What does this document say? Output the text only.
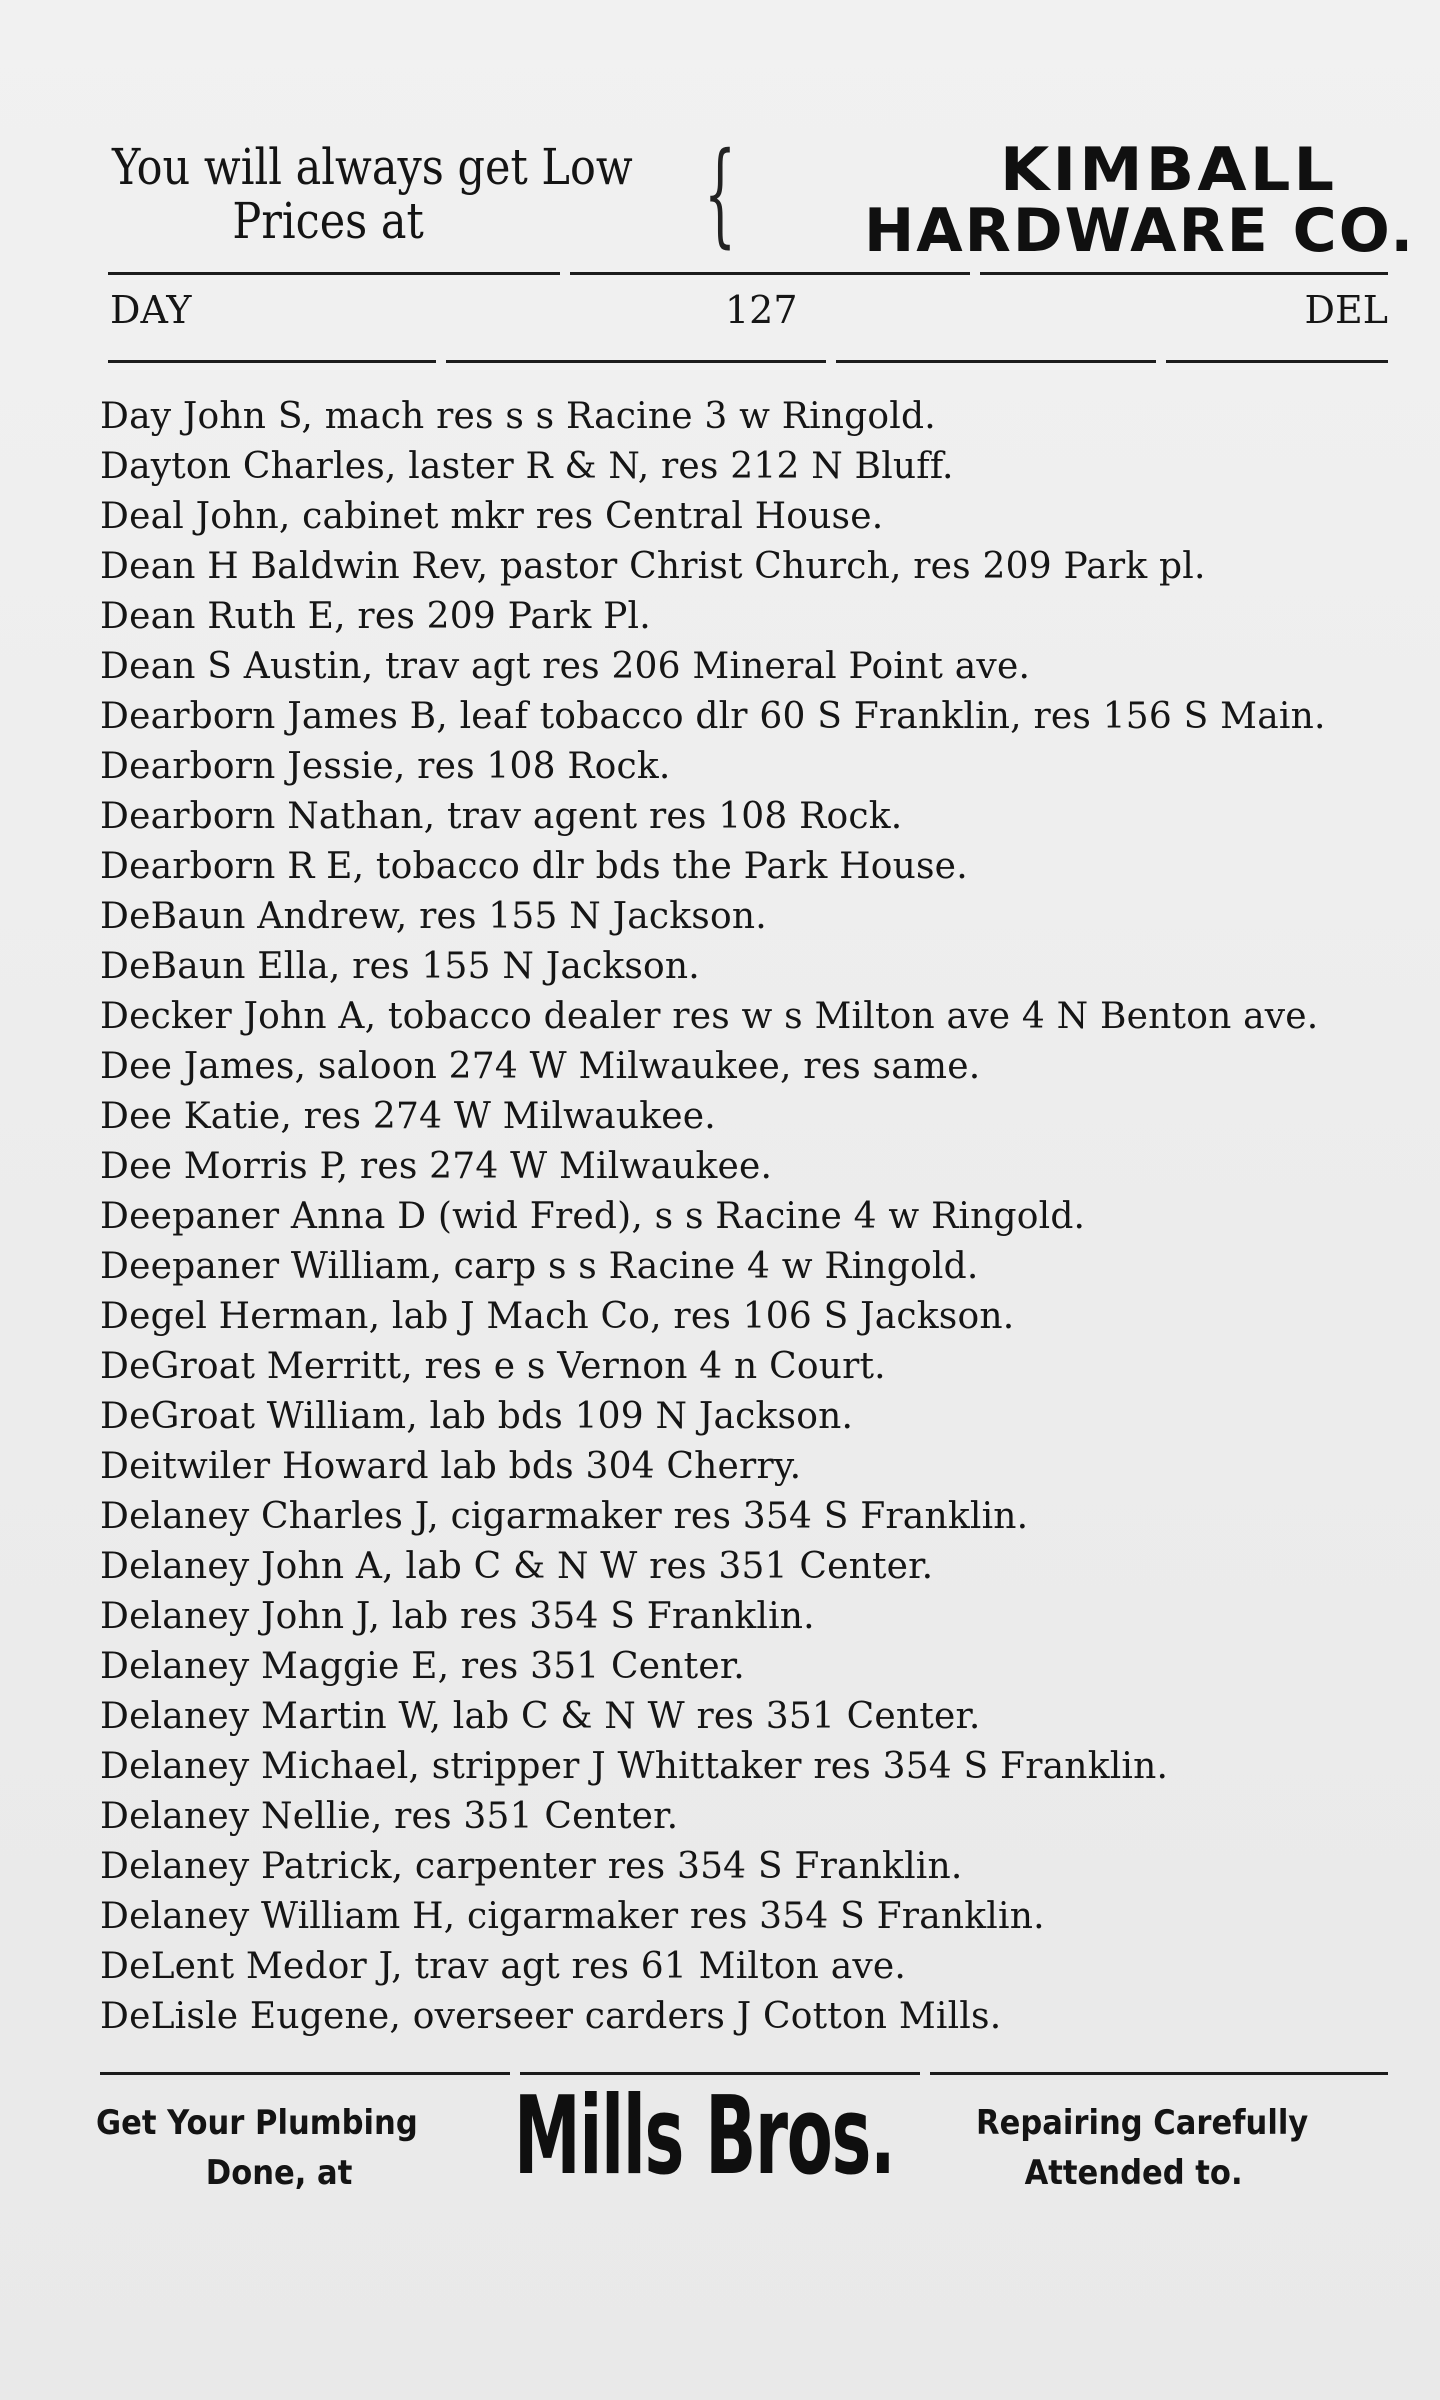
You will always get Low
Prices at	{	KIMBALL
HARDWARE CO.
DAY	127	DEL
Day John S, mach res s s Racine 3 w Ringold.
Dayton Charles, laster R & N, res 212 N Bluff.
Deal John, cabinet mkr res Central House.
Dean H Baldwin Rev, pastor Christ Church, res 209 Park pl.
Dean Ruth E, res 209 Park Pl.
Dean S Austin, trav agt res 206 Mineral Point ave.
Dearborn James B, leaf tobacco dlr 60 S Franklin, res 156 S Main.
Dearborn Jessie, res 108 Rock.
Dearborn Nathan, trav agent res 108 Rock.
Dearborn R E, tobacco dlr bds the Park House.
DeBaun Andrew, res 155 N Jackson.
DeBaun Ella, res 155 N Jackson.
Decker John A, tobacco dealer res w s Milton ave 4 N Benton ave.
Dee James, saloon 274 W Milwaukee, res same.
Dee Katie, res 274 W Milwaukee.
Dee Morris P, res 274 W Milwaukee.
Deepaner Anna D (wid Fred), s s Racine 4 w Ringold.
Deepaner William, carp s s Racine 4 w Ringold.
Degel Herman, lab J Mach Co, res 106 S Jackson.
DeGroat Merritt, res e s Vernon 4 n Court.
DeGroat William, lab bds 109 N Jackson.
Deitwiler Howard lab bds 304 Cherry.
Delaney Charles J, cigarmaker res 354 S Franklin.
Delaney John A, lab C & N W res 351 Center.
Delaney John J, lab res 354 S Franklin.
Delaney Maggie E, res 351 Center.
Delaney Martin W, lab C & N W res 351 Center.
Delaney Michael, stripper J Whittaker res 354 S Franklin.
Delaney Nellie, res 351 Center.
Delaney Patrick, carpenter res 354 S Franklin.
Delaney William H, cigarmaker res 354 S Franklin.
DeLent Medor J, trav agt res 61 Milton ave.
DeLisle Eugene, overseer carders J Cotton Mills.
Get Your Plumbing
Done, at	Mills Bros. Repairing Carefully
Attended to.
